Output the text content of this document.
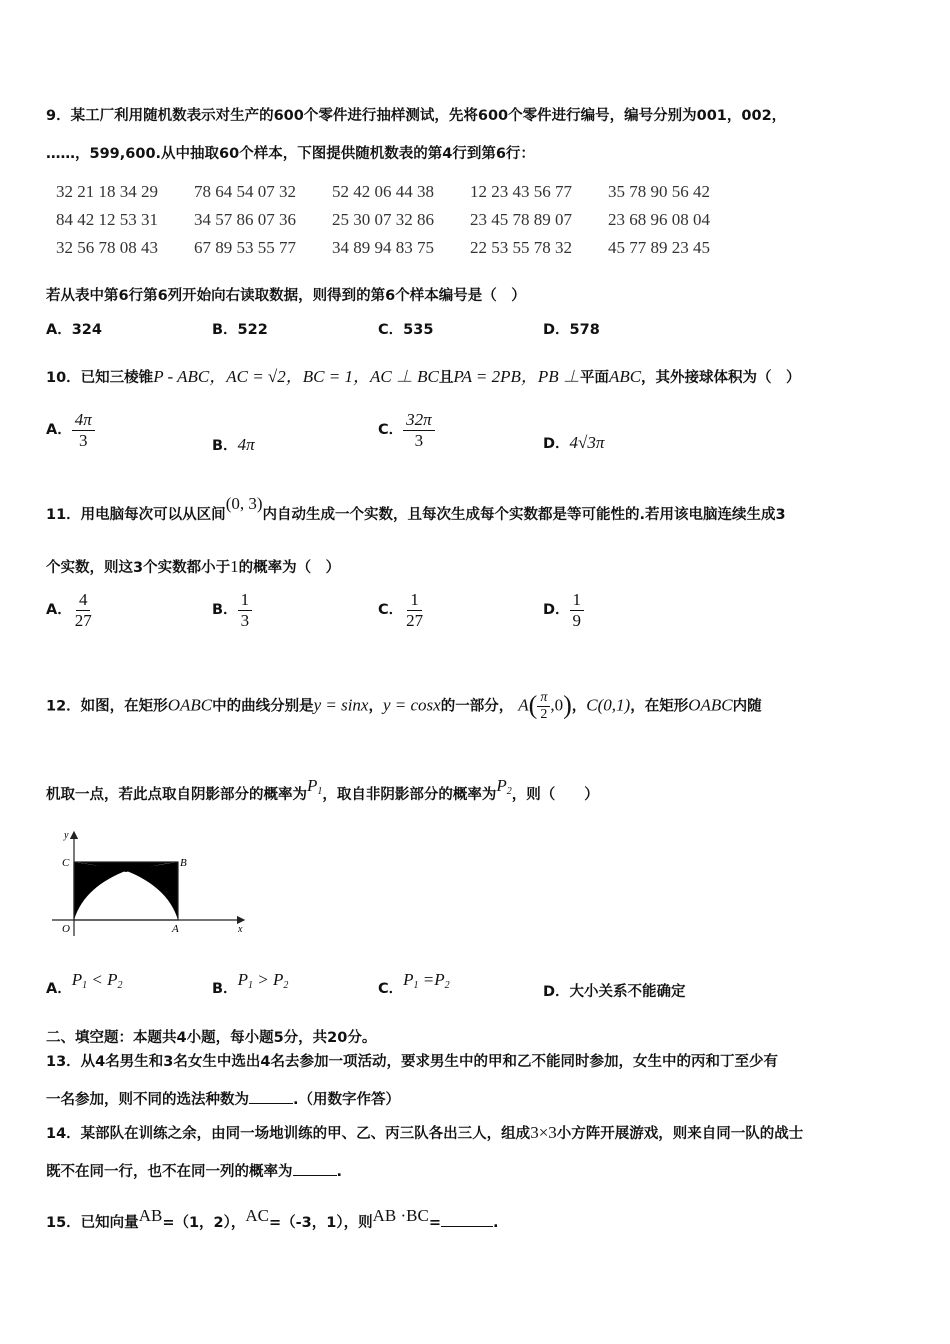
9．某工厂利用随机数表示对生产的600个零件进行抽样测试，先将600个零件进行编号，编号分别为001，002，
……，599,600.从中抽取60个样本，下图提供随机数表的第4行到第6行：
32 21 18 34 29 78 64 54 07 32 52 42 06 44 38 12 23 43 56 77 35 78 90 56 42
84 42 12 53 31 34 57 86 07 36 25 30 07 32 86 23 45 78 89 07 23 68 96 08 04
32 56 78 08 43 67 89 53 55 77 34 89 94 83 75 22 53 55 78 32 45 77 89 23 45
若从表中第6行第6列开始向右读取数据，则得到的第6个样本编号是（　）
A．324	B．522	C．535	D．578
10．已知三棱锥P - ABC，AC = √2，BC = 1，AC ⊥ BC且PA = 2PB，PB ⊥平面ABC，其外接球体积为（　）
A． $\frac{4\pi}{3}$	B．4π
C． $\frac{32\pi}{3}$	D．4√3π
11．用电脑每次可以从区间(0, 3)内自动生成一个实数，且每次生成每个实数都是等可能性的.若用该电脑连续生成3
个实数，则这3个实数都小于1的概率为（　）
A． $\frac{4}{27}$	B． $\frac{1}{3}$	C． $\frac{1}{27}$	D． $\frac{1}{9}$
12．如图，在矩形OABC中的曲线分别是y = sinx，y = cosx的一部分， $A( \frac{\pi}{2} ,0)$，C(0,1)，在矩形OABC内随
机取一点，若此点取自阴影部分的概率为$P_1$，取自非阴影部分的概率为$P_2$，则（　　）
y
x
C	B
O	A
A．$P_1 < P_2$	B．$P_1 > P_2$	C．$P_1 =P_2$	D．大小关系不能确定
二、填空题：本题共4小题，每小题5分，共20分。
13．从4名男生和3名女生中选出4名去参加一项活动，要求男生中的甲和乙不能同时参加，女生中的丙和丁至少有
一名参加，则不同的选法种数为	.（用数字作答）
14．某部队在训练之余，由同一场地训练的甲、乙、丙三队各出三人，组成3×3小方阵开展游戏，则来自同一队的战士
既不在同一行，也不在同一列的概率为	.
15．已知向量AB=（1，2），AC=（-3，1），则AB ·BC=	.
